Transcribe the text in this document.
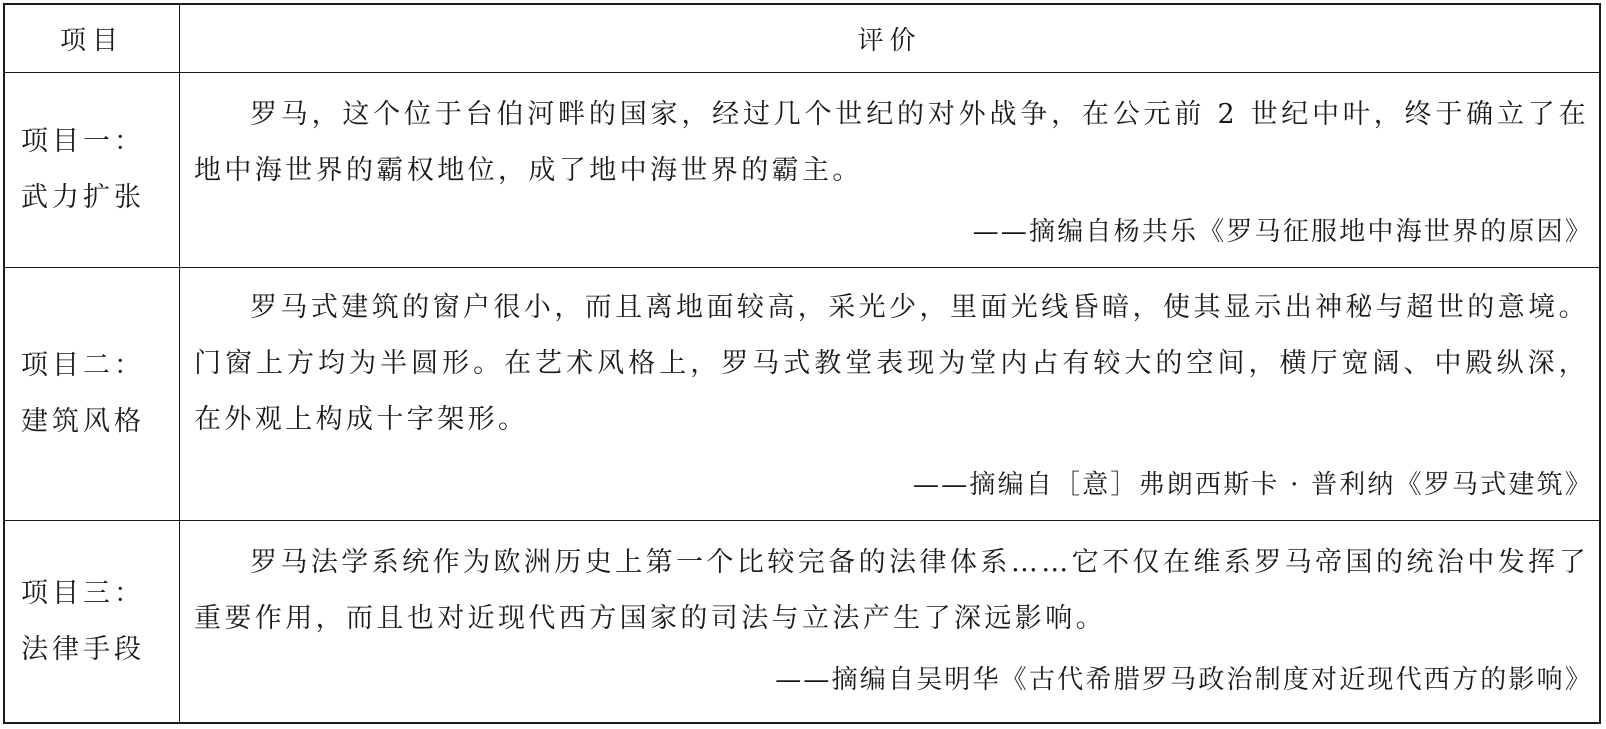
项目	评价
项目一：
武力扩张
罗马，这个位于台伯河畔的国家，经过几个世纪的对外战争，在公元前 2 世纪中叶，终于确立了在地中海世界的霸权地位，成了地中海世界的霸主。
——摘编自杨共乐《罗马征服地中海世界的原因》
项目二：
建筑风格
罗马式建筑的窗户很小，而且离地面较高，采光少，里面光线昏暗，使其显示出神秘与超世的意境。门窗上方均为半圆形。在艺术风格上，罗马式教堂表现为堂内占有较大的空间，横厅宽阔、中殿纵深，在外观上构成十字架形。
——摘编自［意］弗朗西斯卡 · 普利纳《罗马式建筑》
项目三：
法律手段
罗马法学系统作为欧洲历史上第一个比较完备的法律体系……它不仅在维系罗马帝国的统治中发挥了重要作用，而且也对近现代西方国家的司法与立法产生了深远影响。
——摘编自吴明华《古代希腊罗马政治制度对近现代西方的影响》
